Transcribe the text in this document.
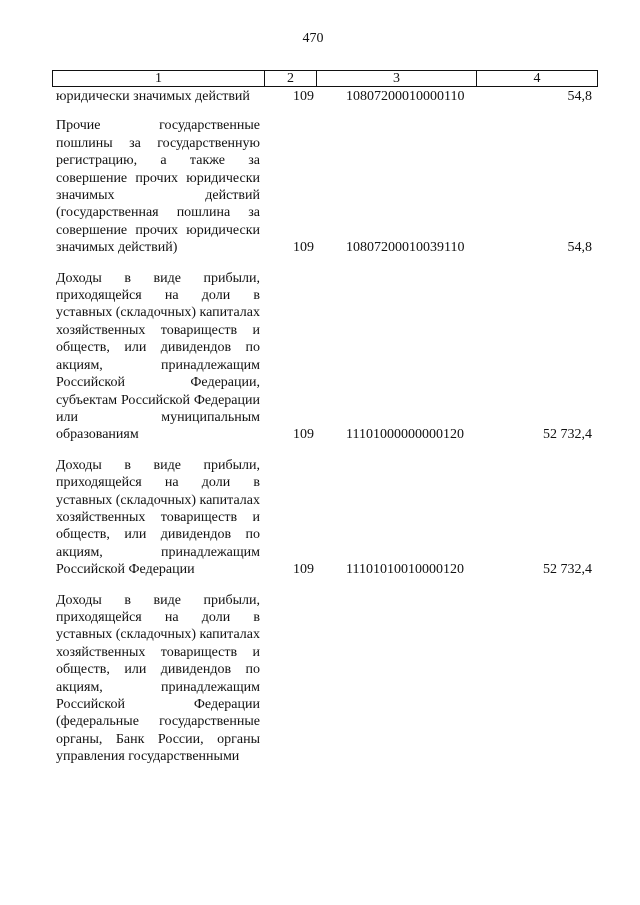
470
1	2	3	4
юридически значимых действий	109 10807200010000110	54,8
Прочие государственные пошлины за государственную регистрацию, а также за совершение прочих юридически значимых действий (государственная пошлина за совершение прочих юридически значимых действий)	109 10807200010039110	54,8
Доходы в виде прибыли, приходящейся на доли в уставных (складочных) капиталах хозяйственных товариществ и обществ, или дивидендов по акциям, принадлежащим Российской Федерации, субъектам Российской Федерации или муниципальным образованиям	109 11101000000000120	52 732,4
Доходы в виде прибыли, приходящейся на доли в уставных (складочных) капиталах хозяйственных товариществ и обществ, или дивидендов по акциям, принадлежащим Российской Федерации	109 11101010010000120	52 732,4
Доходы в виде прибыли, приходящейся на доли в уставных (складочных) капиталах хозяйственных товариществ и обществ, или дивидендов по акциям, принадлежащим Российской Федерации (федеральные государственные органы, Банк России, органы управления государственными
